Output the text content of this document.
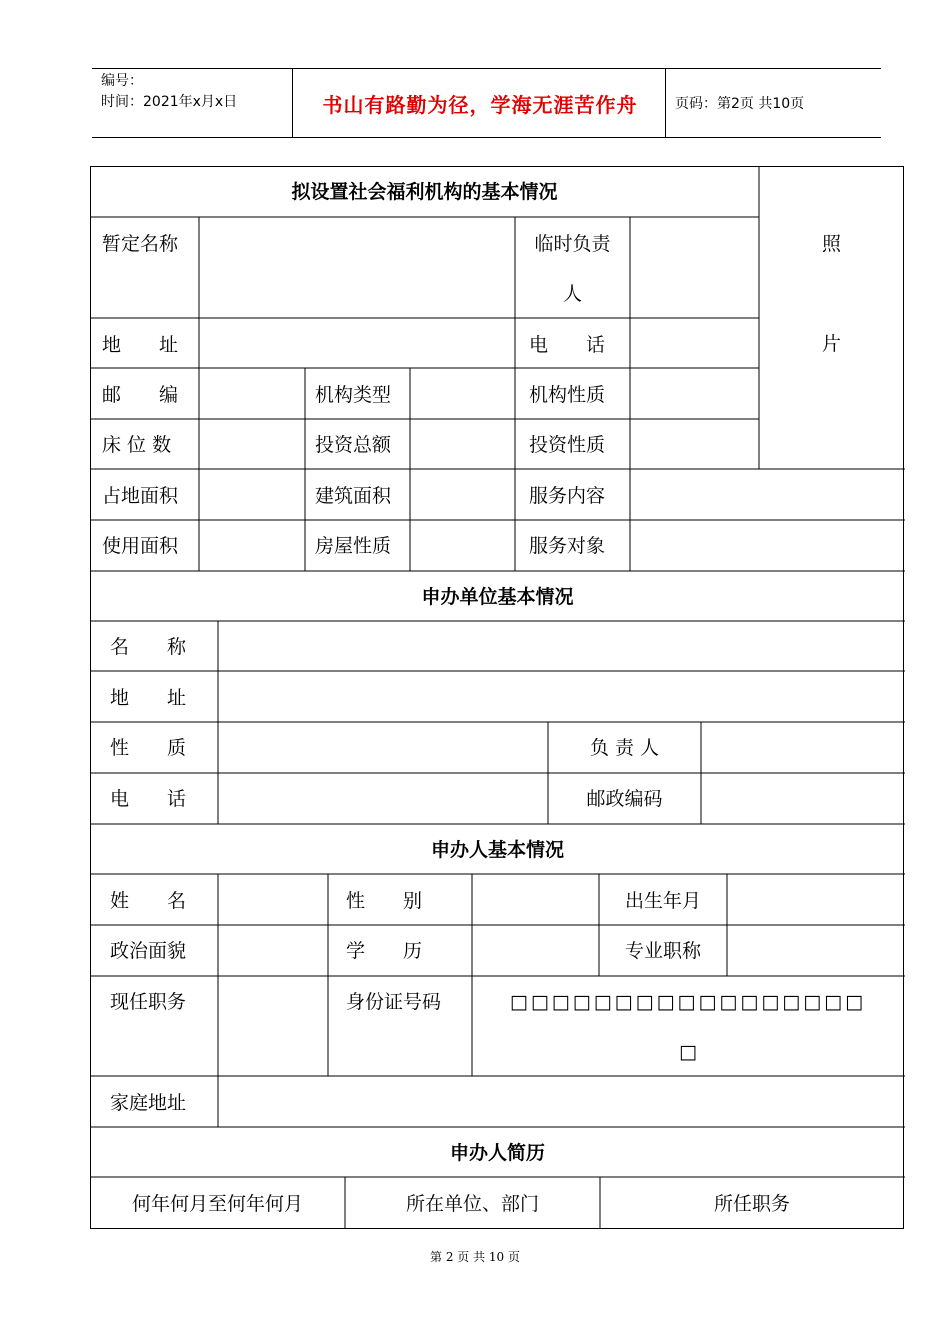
编号：
时间：2021年x月x日	书山有路勤为径，学海无涯苦作舟	页码：第2页 共10页
拟设置社会福利机构的基本情况
暂定名称	临时负责
人
照
片
地　　址	电　　话
邮　　编	机构类型	机构性质
床 位 数	投资总额	投资性质
占地面积	建筑面积	服务内容
使用面积	房屋性质	服务对象
申办单位基本情况
名　　称
地　　址
性　　质	负 责 人
电　　话	邮政编码
申办人基本情况
姓　　名	性　　别	出生年月
政治面貌	学　　历	专业职称
现任职务	身份证号码	□□□□□□□□□□□□□□□□□
□
家庭地址
申办人简历
何年何月至何年何月	所在单位、部门	所任职务
第 2 页 共 10 页
